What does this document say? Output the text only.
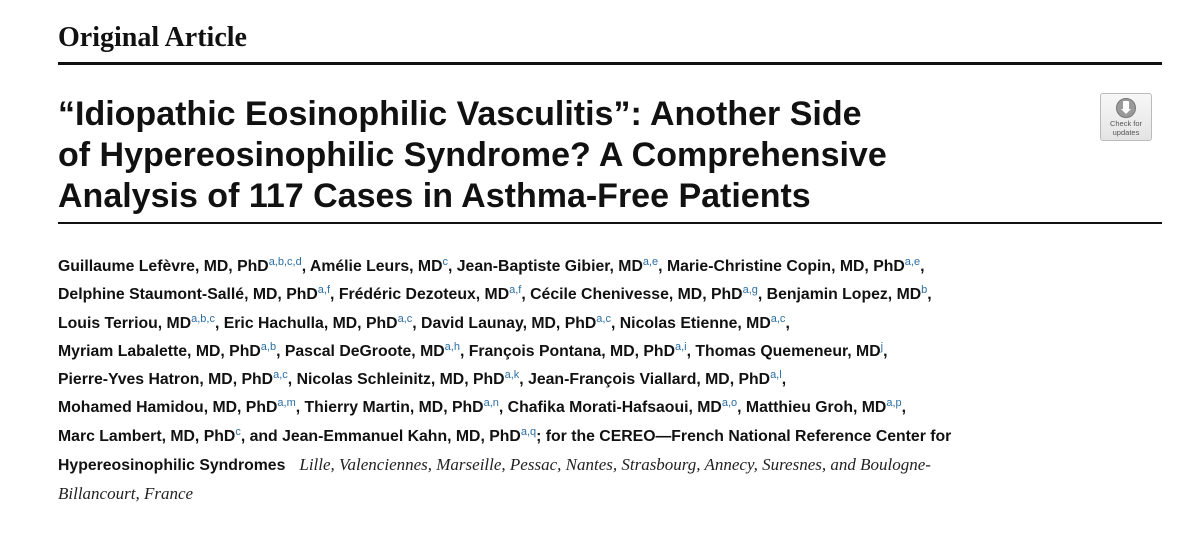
Original Article
“Idiopathic Eosinophilic Vasculitis”: Another Side
of Hypereosinophilic Syndrome? A Comprehensive
Analysis of 117 Cases in Asthma-Free Patients
Check for
updates
Guillaume Lefèvre, MD, PhD$^{a,b,c,d}$, Amélie Leurs, $MD^c$, Jean-Baptiste Gibier, MD$^{a,e}$, Marie-Christine Copin, MD, PhD$^{a,e}$,
Delphine Staumont-Sallé, MD, PhD$^{a,f}$, Frédéric Dezoteux, MD$^{a,f}$, Cécile Chenivesse, MD, PhD$^{a,g}$, Benjamin Lopez, $MD^b$,
Louis Terriou, MD$^{a,b,c}$, Eric Hachulla, MD, PhD$^{a,c}$, David Launay, MD, PhD$^{a,c}$, Nicolas Etienne, MD$^{a,c}$,
Myriam Labalette, MD, PhD$^{a,b}$, Pascal DeGroote, MD$^{a,h}$, François Pontana, MD, PhD$^{a,i}$, Thomas Quemeneur, $MD^j$,
Pierre-Yves Hatron, MD, PhD$^{a,c}$, Nicolas Schleinitz, MD, PhD$^{a,k}$, Jean-François Viallard, MD, PhD$^{a,l}$,
Mohamed Hamidou, MD, PhD$^{a,m}$, Thierry Martin, MD, PhD$^{a,n}$, Chafika Morati-Hafsaoui, MD$^{a,o}$, Matthieu Groh, MD$^{a,p}$,
Marc Lambert, MD, PhD$^c$, and Jean-Emmanuel Kahn, MD, PhD$^{a,q}$; for the CEREO—French National Reference Center for
Hypereosinophilic Syndromes Lille, Valenciennes, Marseille, Pessac, Nantes, Strasbourg, Annecy, Suresnes, and Boulogne-
Billancourt, France
